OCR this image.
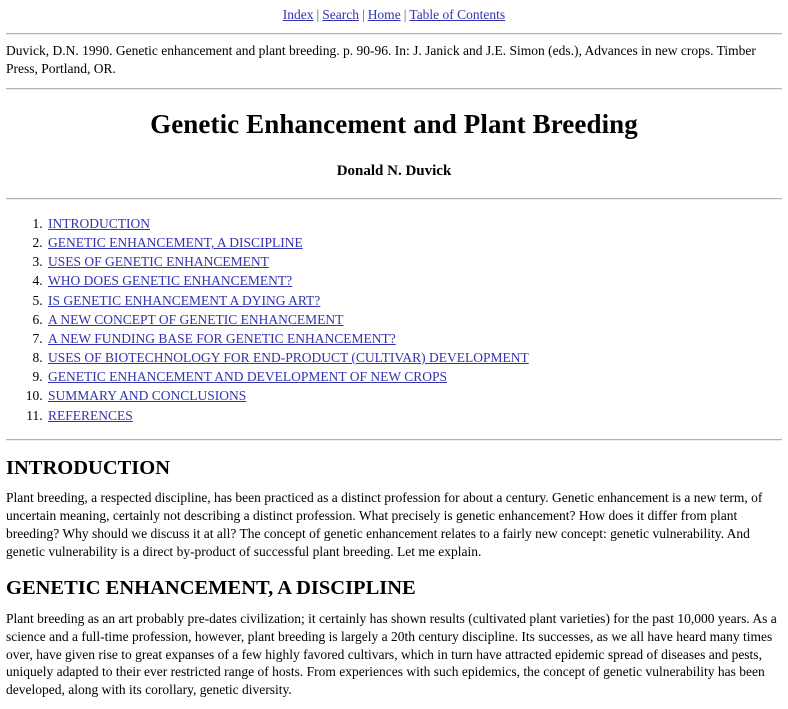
Index | Search | Home | Table of Contents

Duvick, D.N. 1990. Genetic enhancement and plant breeding. p. 90-96. In: J. Janick and J.E. Simon (eds.), Advances in new crops. Timber Press, Portland, OR.

Genetic Enhancement and Plant Breeding
Donald N. Duvick
1. INTRODUCTION
2. GENETIC ENHANCEMENT, A DISCIPLINE
3. USES OF GENETIC ENHANCEMENT
4. WHO DOES GENETIC ENHANCEMENT?
5. IS GENETIC ENHANCEMENT A DYING ART?
6. A NEW CONCEPT OF GENETIC ENHANCEMENT
7. A NEW FUNDING BASE FOR GENETIC ENHANCEMENT?
8. USES OF BIOTECHNOLOGY FOR END-PRODUCT (CULTIVAR) DEVELOPMENT
9. GENETIC ENHANCEMENT AND DEVELOPMENT OF NEW CROPS
10. SUMMARY AND CONCLUSIONS
11. REFERENCES
INTRODUCTION

Plant breeding, a respected discipline, has been practiced as a distinct profession for about a century. Genetic enhancement is a new term, of uncertain meaning, certainly not describing a distinct profession. What precisely is genetic enhancement? How does it differ from plant breeding? Why should we discuss it at all? The concept of genetic enhancement relates to a fairly new concept: genetic vulnerability. And genetic vulnerability is a direct by-product of successful plant breeding. Let me explain.

GENETIC ENHANCEMENT, A DISCIPLINE

Plant breeding as an art probably pre-dates civilization; it certainly has shown results (cultivated plant varieties) for the past 10,000 years. As a science and a full-time profession, however, plant breeding is largely a 20th century discipline. Its successes, as we all have heard many times over, have given rise to great expanses of a few highly favored cultivars, which in turn have attracted epidemic spread of diseases and pests, uniquely adapted to their ever restricted range of hosts. From experiences with such epidemics, the concept of genetic vulnerability has been developed, along with its corollary, genetic diversity.
